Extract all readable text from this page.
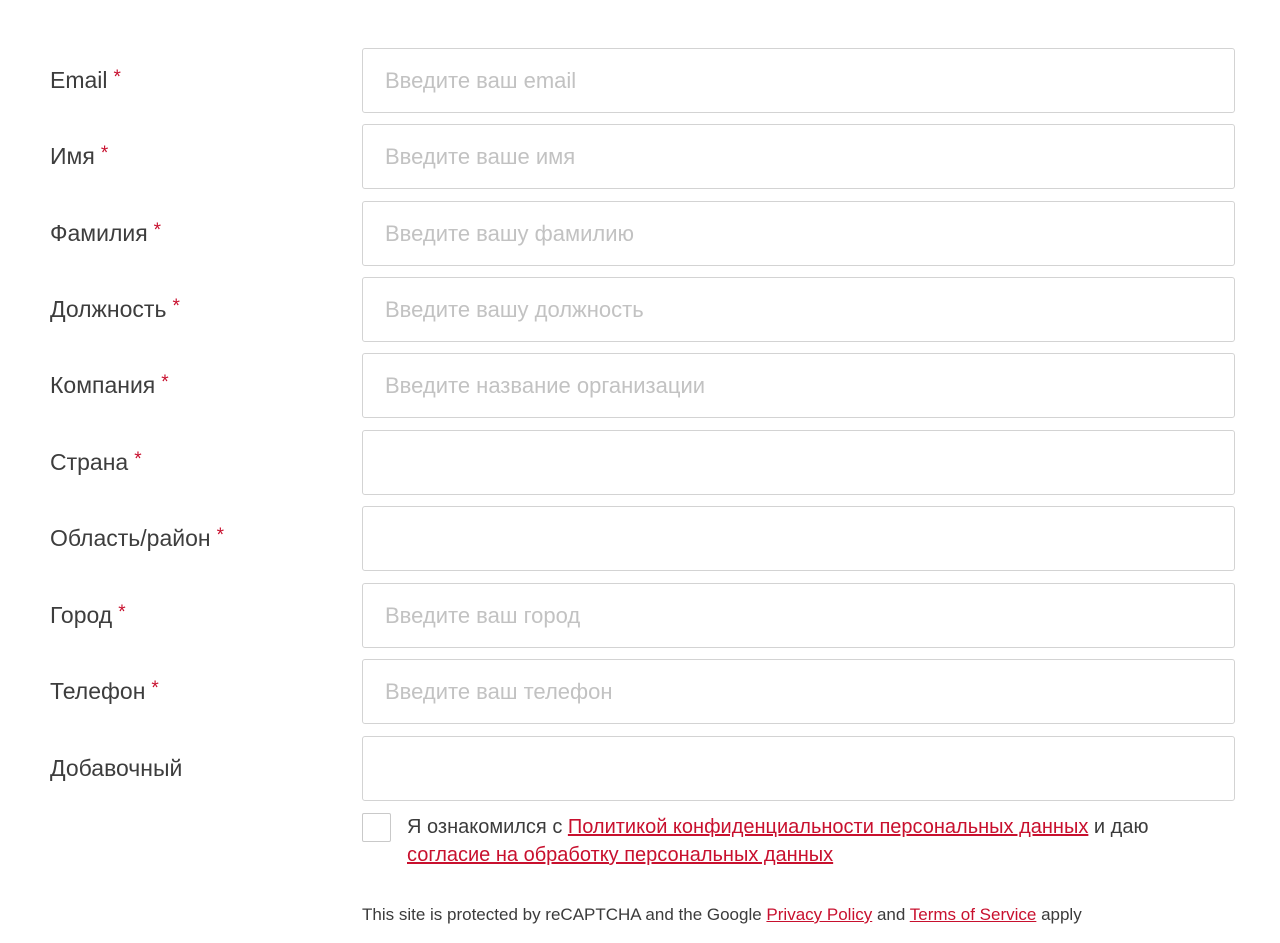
Email *
Введите ваш email
Имя *
Введите ваше имя
Фамилия *
Введите вашу фамилию
Должность *
Введите вашу должность
Компания *
Введите название организации
Страна *
Область/район *
Город *
Введите ваш город
Телефон *
Введите ваш телефон
Добавочный
Я ознакомился с Политикой конфиденциальности персональных данных и даю согласие на обработку персональных данных
This site is protected by reCAPTCHA and the Google Privacy Policy and Terms of Service apply
